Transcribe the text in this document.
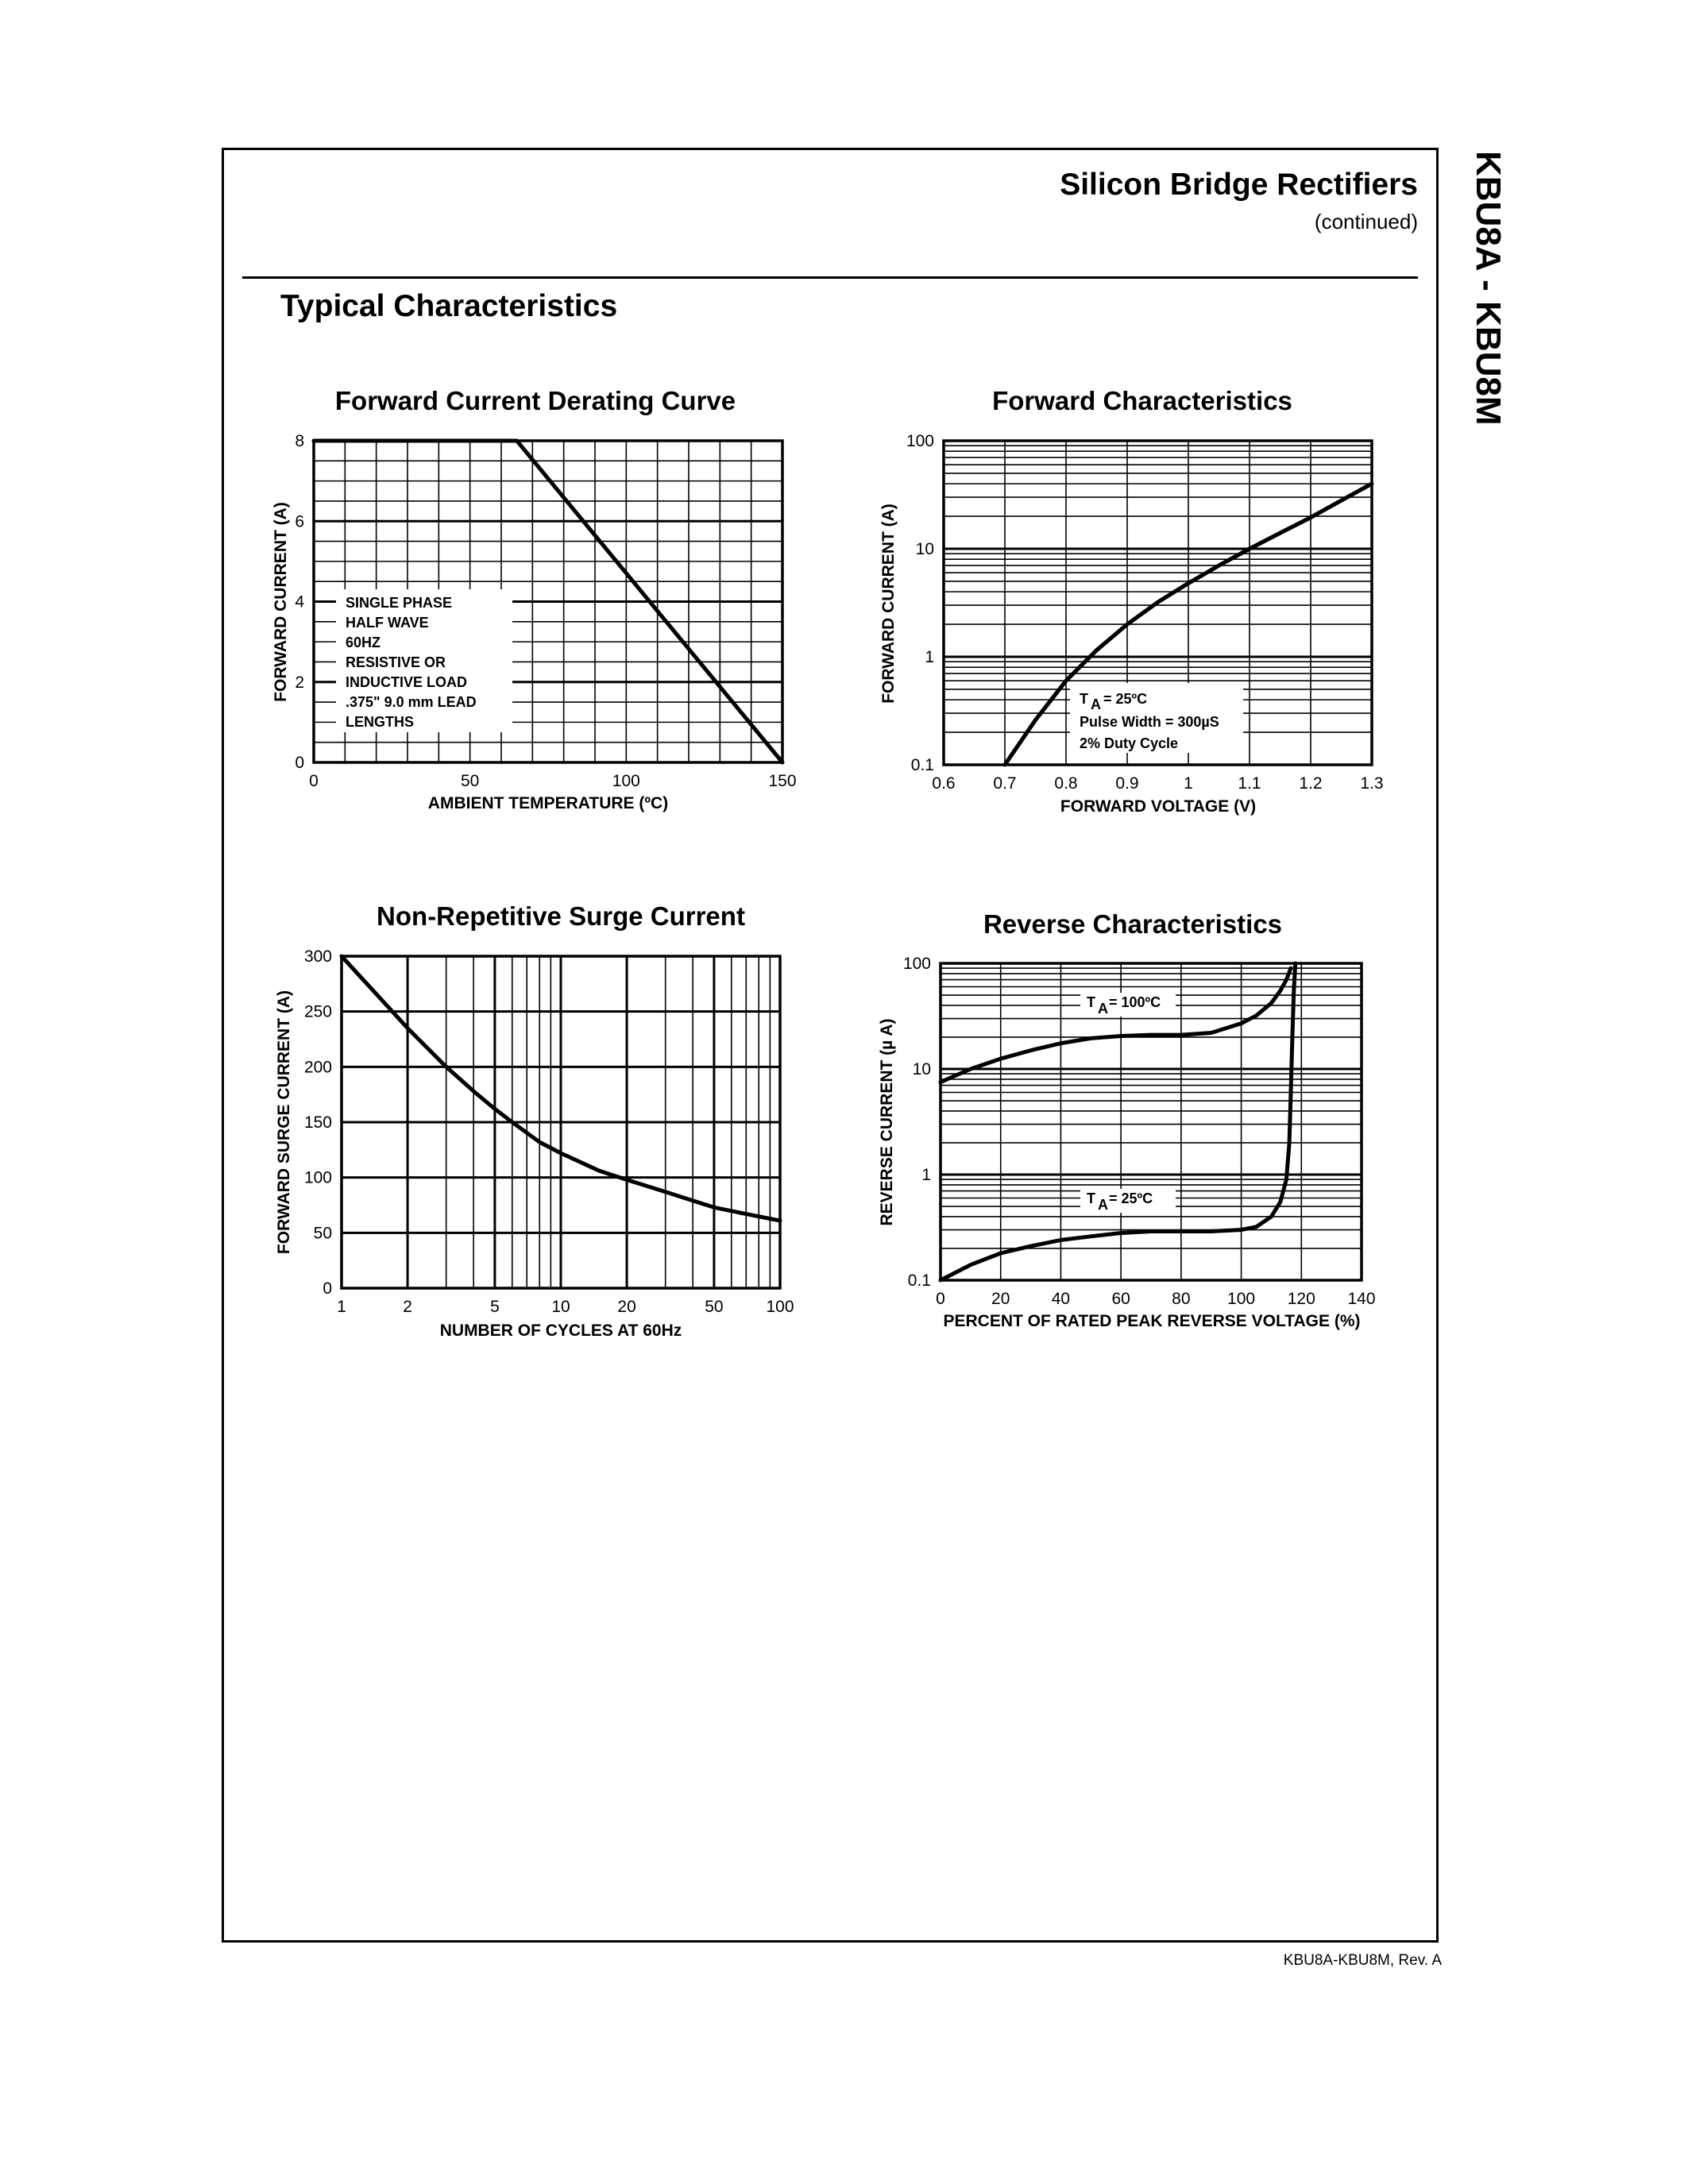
Silicon Bridge Rectifiers
(continued)
Typical Characteristics	KBU8A - KBU8M
KBU8A-KBU8M, Rev. A
0	50	100	150
0
2
4
6
8
Forward Current Derating Curve
AMBIENT TEMPERATURE (ºC)
FORWARD CURRENT (A)	SINGLE PHASE
HALF WAVE
60HZ
RESISTIVE OR
INDUCTIVE LOAD
.375" 9.0 mm LEAD
LENGTHS
0.6 0.7 0.8 0.9	1	1.1 1.2 1.3
0.1
1
10
100
Forward Characteristics
FORWARD VOLTAGE (V)
FORWARD CURRENT (A)	T A = 25ºC
Pulse Width = 300µS
2% Duty Cycle
1	2	5	10	20	50	100
0
50
100
150
200
250
300
Non-Repetitive Surge Current
NUMBER OF CYCLES AT 60Hz
FORWARD SURGE CURRENT (A)
0	20 40 60 80 100 120 140
0.1
1
10
100
Reverse Characteristics
PERCENT OF RATED PEAK REVERSE VOLTAGE (%)
REVERSE CURRENT (µ A)
T A = 100ºC
T A = 25ºC
